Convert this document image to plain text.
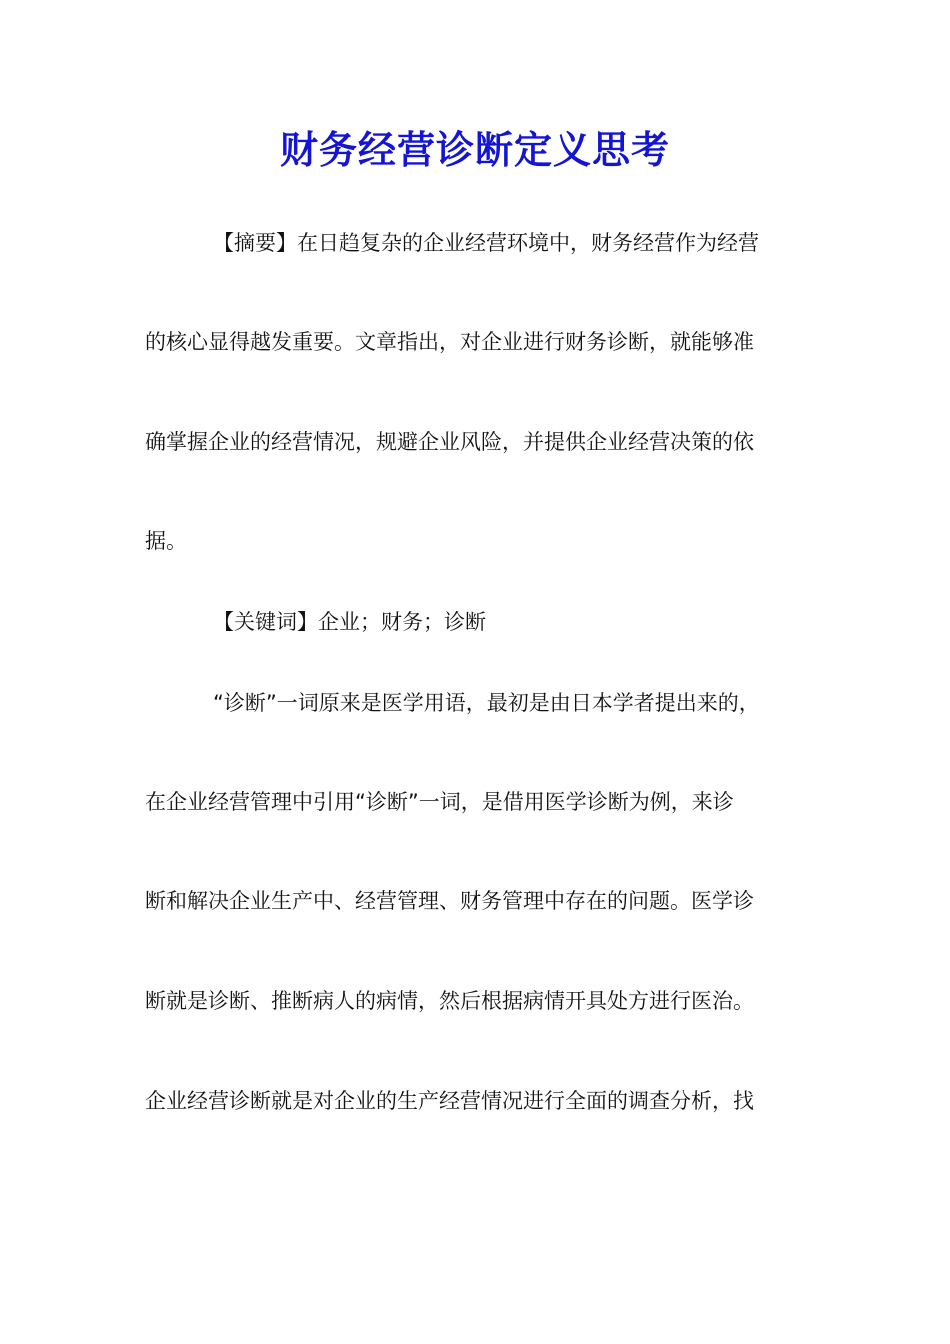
财务经营诊断定义思考
【摘要】在日趋复杂的企业经营环境中，财务经营作为经营
的核心显得越发重要。文章指出，对企业进行财务诊断，就能够准
确掌握企业的经营情况，规避企业风险，并提供企业经营决策的依
据。
【关键词】企业；财务；诊断
“诊断”一词原来是医学用语，最初是由日本学者提出来的，
在企业经营管理中引用“诊断”一词，是借用医学诊断为例，来诊
断和解决企业生产中、经营管理、财务管理中存在的问题。医学诊
断就是诊断、推断病人的病情，然后根据病情开具处方进行医治。
企业经营诊断就是对企业的生产经营情况进行全面的调查分析，找
